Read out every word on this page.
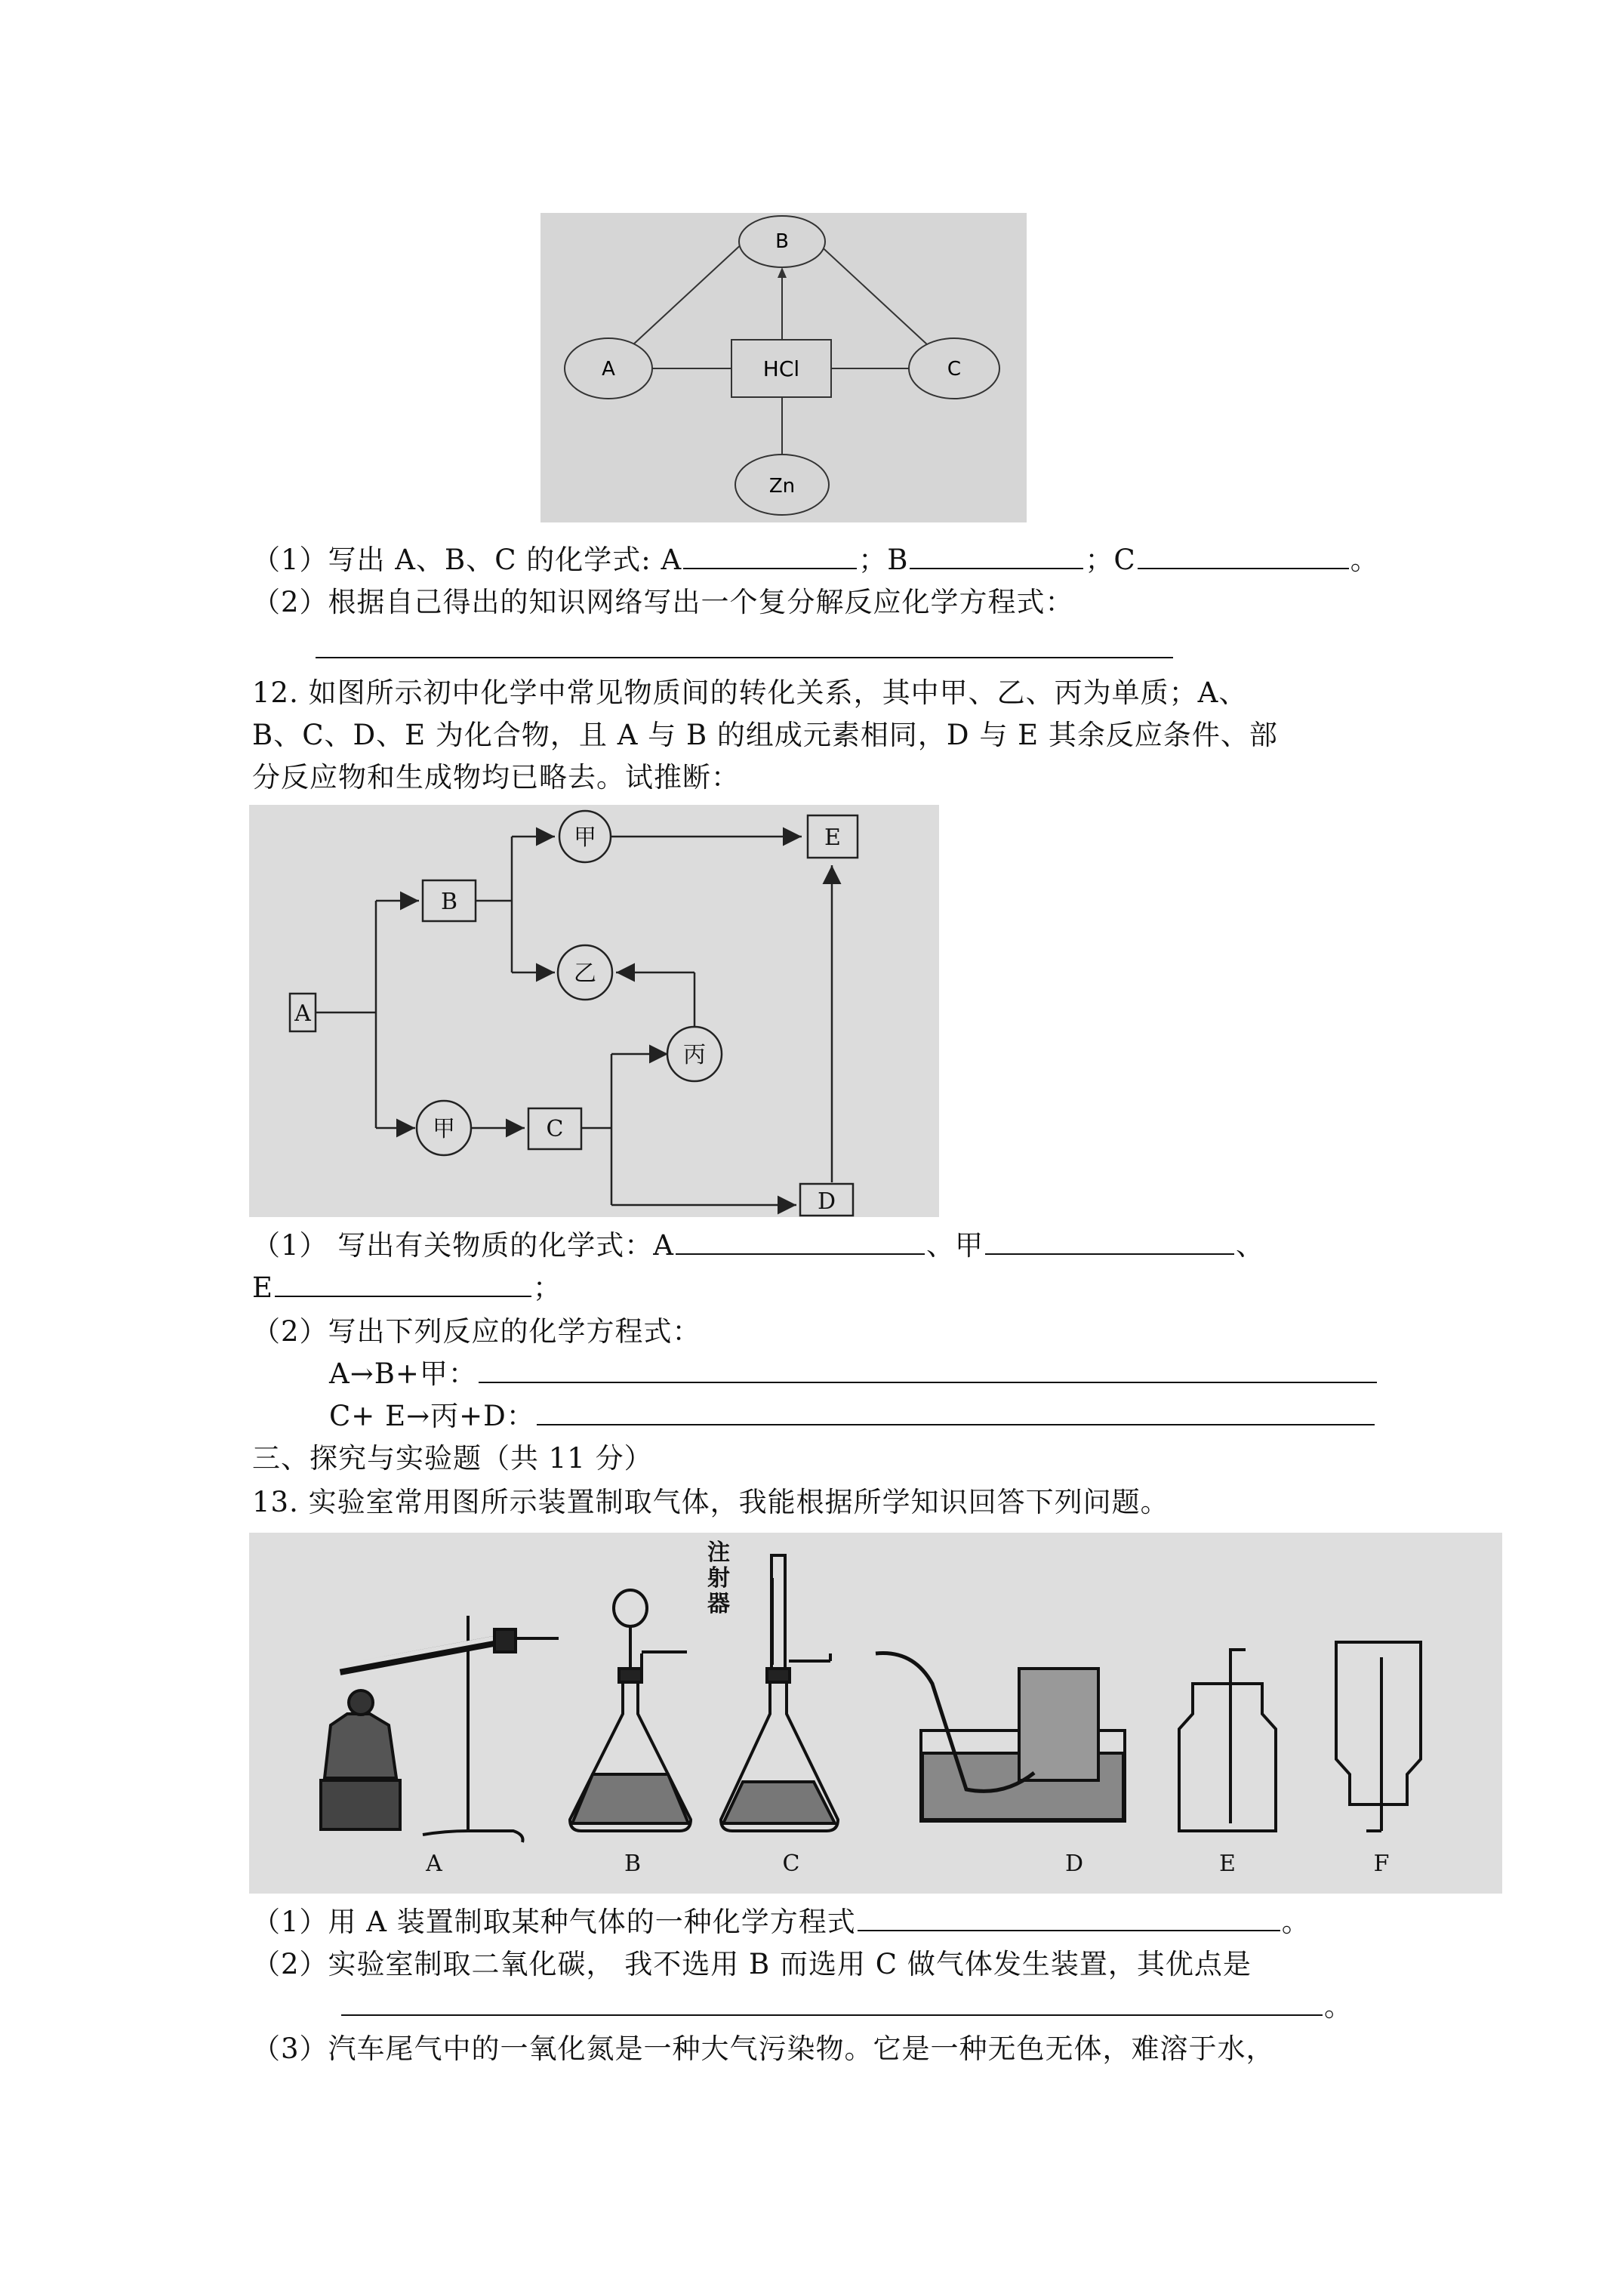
B
A	C
HCl
Zn
（1）写出 A、B、C 的化学式: A	；B	；C	。
（2）根据自己得出的知识网络写出一个复分解反应化学方程式：
12. 如图所示初中化学中常见物质间的转化关系，其中甲、乙、丙为单质；A、
B、C、D、E 为化合物，且 A 与 B 的组成元素相同，D 与 E 其余反应条件、部
分反应物和生成物均已略去。试推断：
A
B
甲	E
乙
丙
甲	C
D
（1） 写出有关物质的化学式：A	、甲	、
E	；
（2）写出下列反应的化学方程式：
A→B+甲：
C+ E→丙+D：
三、探究与实验题（共 11 分）
13. 实验室常用图所示装置制取气体，我能根据所学知识回答下列问题。
A	B	C	D	E	F
注
射
器
（1）用 A 装置制取某种气体的一种化学方程式	。
（2）实验室制取二氧化碳， 我不选用 B 而选用 C 做气体发生装置，其优点是
。
（3）汽车尾气中的一氧化氮是一种大气污染物。它是一种无色无体，难溶于水，
